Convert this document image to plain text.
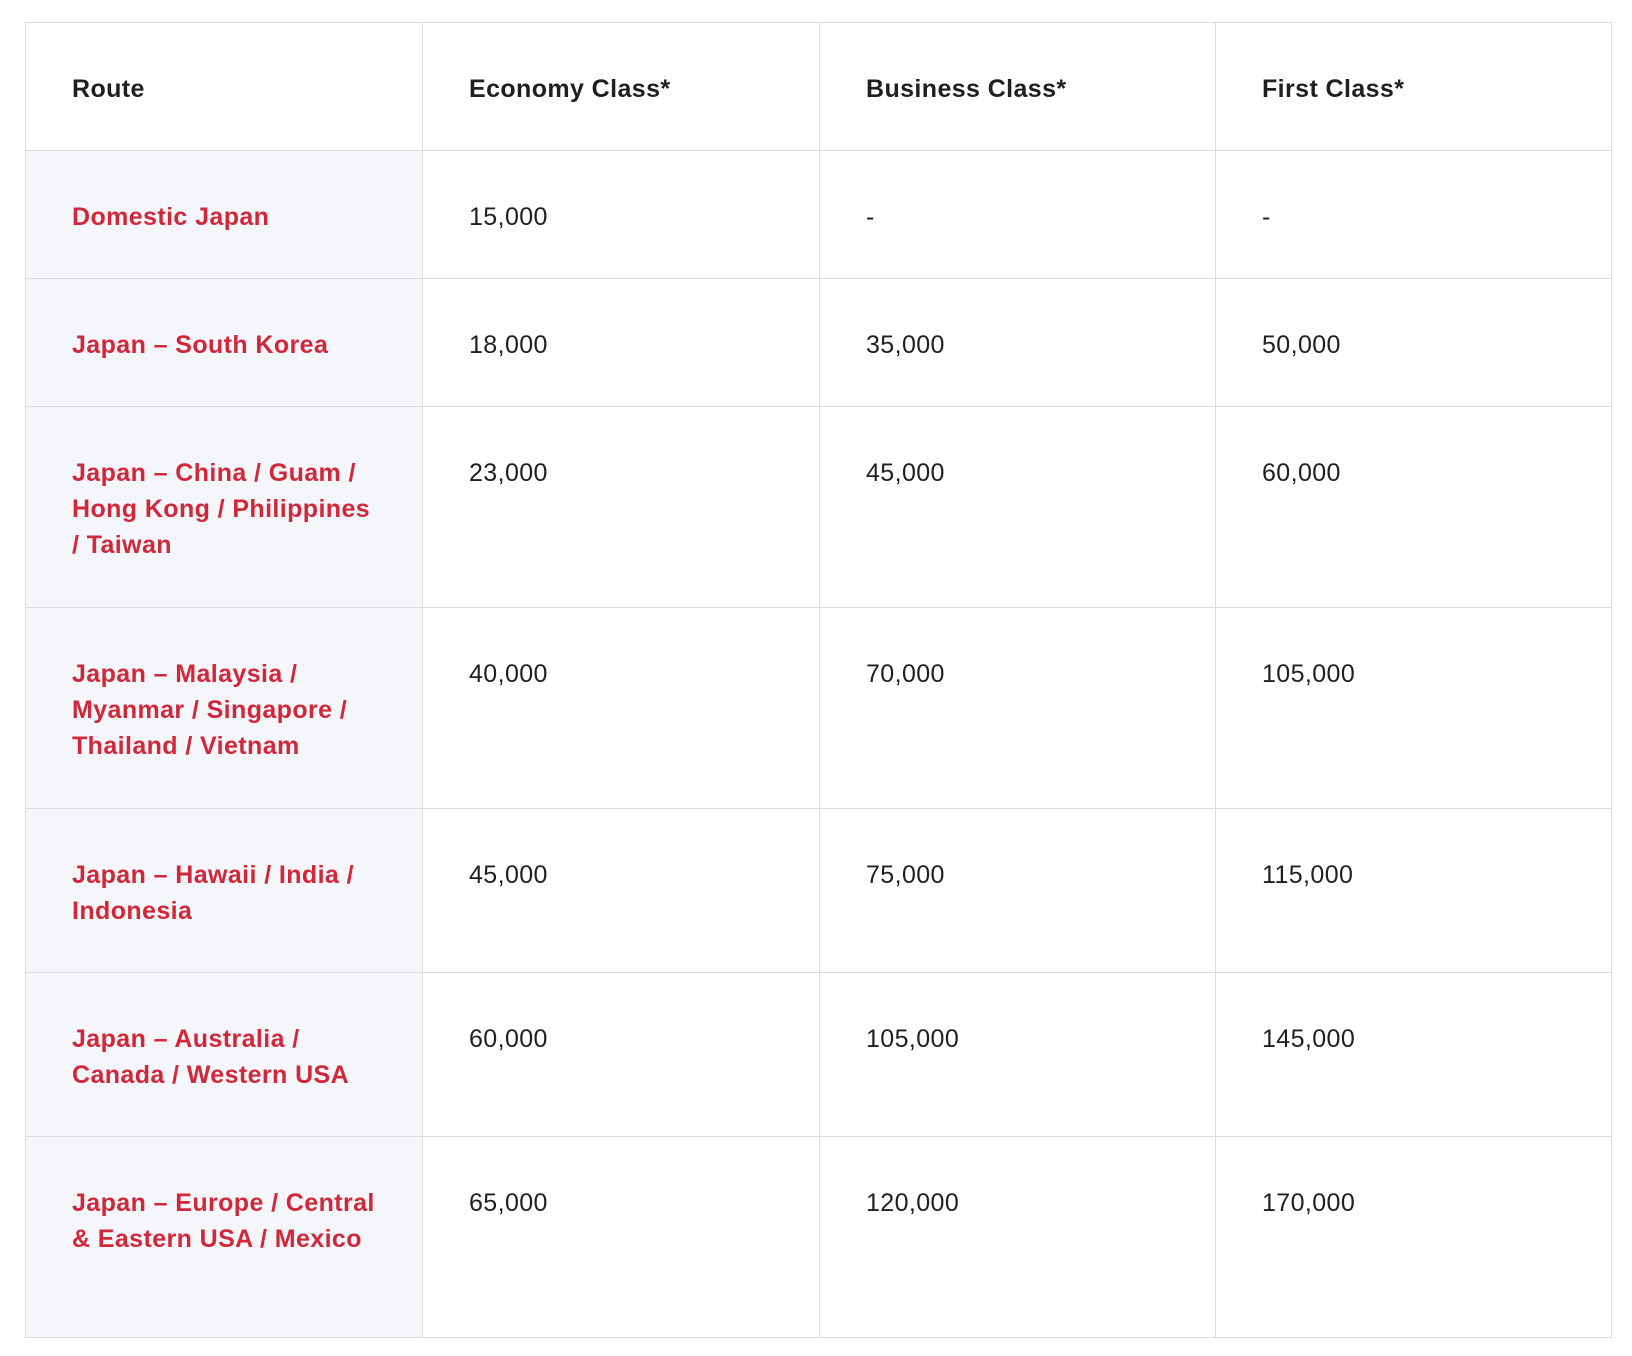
Route	Economy Class*	Business Class*	First Class*
Domestic Japan	15,000	-	-
Japan – South Korea	18,000	35,000	50,000
Japan – China / Guam / Hong Kong / Philippines / Taiwan	23,000	45,000	60,000
Japan – Malaysia / Myanmar / Singapore / Thailand / Vietnam	40,000	70,000	105,000
Japan – Hawaii / India / Indonesia	45,000	75,000	115,000
Japan – Australia / Canada / Western USA	60,000	105,000	145,000
Japan – Europe / Central & Eastern USA / Mexico	65,000	120,000	170,000
